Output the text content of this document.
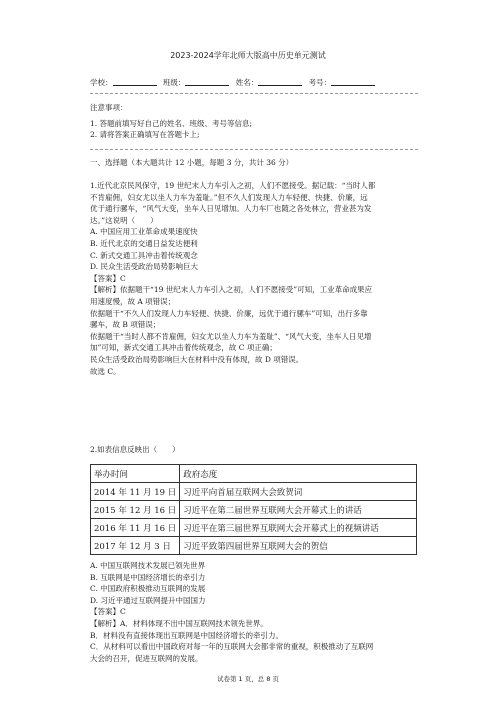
2023-2024学年北师大版高中历史单元测试
学校：	班级：	姓名：	考号：

注意事项：

1. 答题前填写好自己的姓名、班级、考号等信息;

2. 请将答案正确填写在答题卡上;

一、选择题（本大题共计 12 小题，每题 3 分，共计 36 分）

1.近代北京民风保守，19 世纪末人力车引入之初，人们不愿接受。据记载：“当时人都

不肯雇佣，妇女尤以坐人力车为羞耻。”但不久人们发现人力车轻便、快捷、价廉，远

优于通行骡车，“风气大变，坐车人日见增加。人力车厂也随之各处林立，营业甚为发

达。”这说明（　　）

A. 中国应用工业革命成果速度快

B. 近代北京的交通日益发达便利

C. 新式交通工具冲击着传统观念

D. 民众生活受政治局势影响巨大

【答案】C

【解析】依据题干“19 世纪末人力车引入之初，人们不愿接受”可知，工业革命成果应

用速度慢，故 A 项错误；

依据题干“不久人们发现人力车轻便、快捷、价廉，远优于通行骡车”可知，出行多靠

骡车，故 B 项错误；

依据题干“当时人都不肯雇佣，妇女尤以坐人力车为羞耻”、“风气大变，坐车人日见增

加”可知，新式交通工具冲击着传统观念，故 C 项正确；

民众生活受政治局势影响巨大在材料中没有体现，故 D 项错误。

故选 C。

2.如表信息反映出（　　）

举办时间	政府态度
2014 年 11 月 19 日	习近平向首届互联网大会致贺词
2015 年 12 月 16 日	习近平在第二届世界互联网大会开幕式上的讲话
2016 年 11 月 16 日	习近平在第三届世界互联网大会开幕式上的视频讲话
2017 年 12 月 3 日	习近平致第四届世界互联网大会的贺信

A. 中国互联网技术发展已领先世界

B. 互联网是中国经济增长的牵引力

C. 中国政府积极推动互联网的发展

D. 习近平通过互联网提升中国国力

【答案】C

【解析】A．材料体现不出中国互联网技术领先世界。

B．材料没有直接体现出互联网是中国经济增长的牵引力。

C．从材料可以看出中国政府对每一年的互联网大会都非常的重视，积极推动了互联网

大会的召开，促进互联网的发展。

试卷第 1 页，总 8 页
